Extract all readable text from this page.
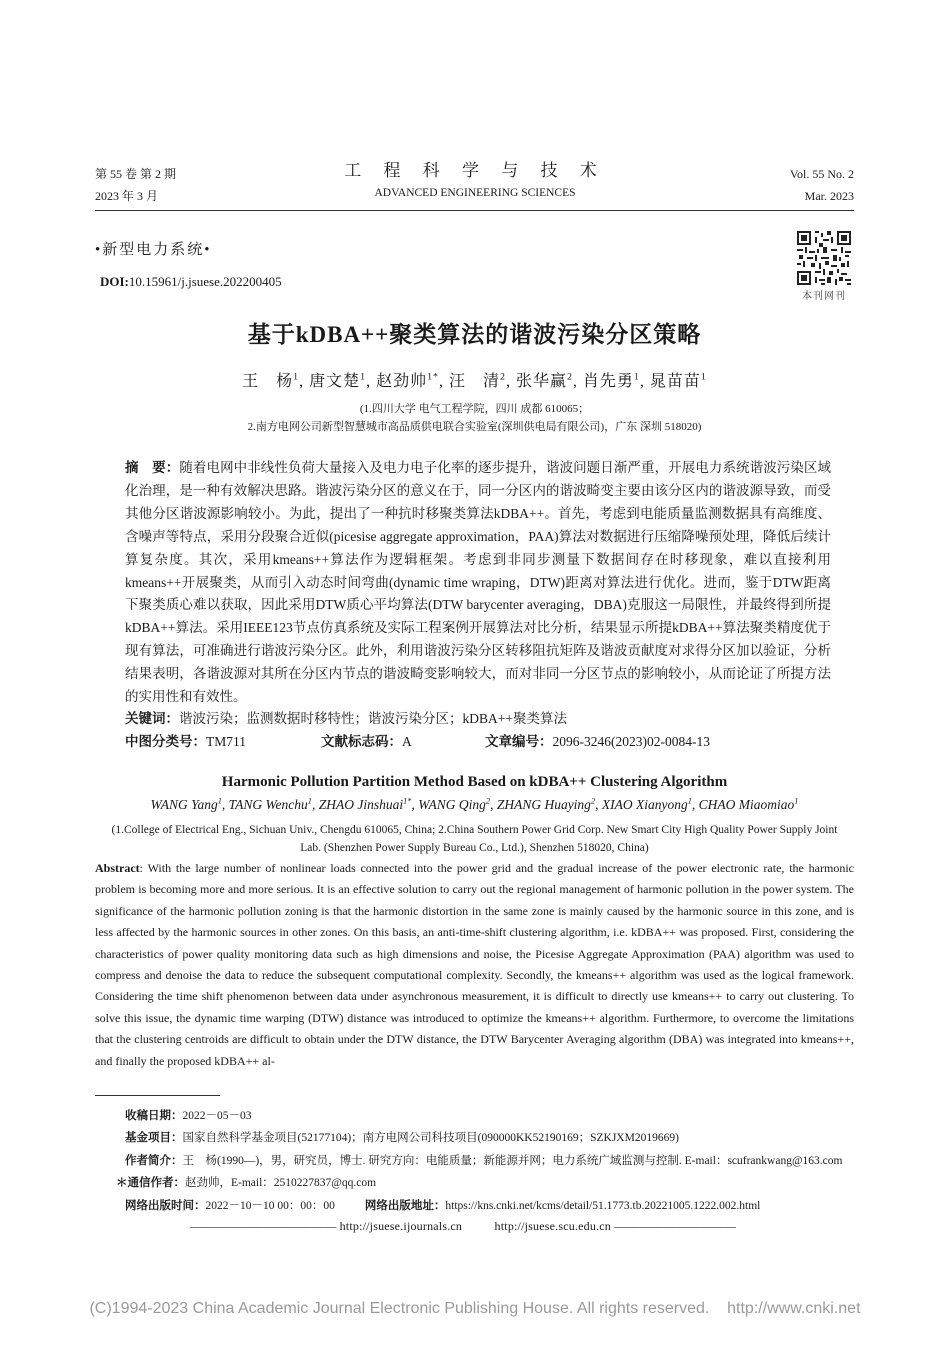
第 55 卷 第 2 期
2023 年 3 月
工 程 科 学 与 技 术
ADVANCED ENGINEERING SCIENCES
Vol. 55 No. 2
Mar. 2023
•新型电力系统•
DOI:10.15961/j.jsuese.202200405
本刊网刊
基于kDBA++聚类算法的谐波污染分区策略
王　杨$^1$, 唐文楚$^1$, 赵劲帅$^{1*}$, 汪　清$^2$, 张华赢$^2$, 肖先勇$^1$, 晁苗苗$^1$
(1.四川大学 电气工程学院，四川 成都 610065；
2.南方电网公司新型智慧城市高品质供电联合实验室(深圳供电局有限公司)，广东 深圳 518020)
摘　要：随着电网中非线性负荷大量接入及电力电子化率的逐步提升，谐波问题日渐严重，开展电力系统谐波污染区域化治理，是一种有效解决思路。谐波污染分区的意义在于，同一分区内的谐波畸变主要由该分区内的谐波源导致，而受其他分区谐波源影响较小。为此，提出了一种抗时移聚类算法kDBA++。首先，考虑到电能质量监测数据具有高维度、含噪声等特点，采用分段聚合近似(picesise aggregate approximation，PAA)算法对数据进行压缩降噪预处理，降低后续计算复杂度。其次，采用kmeans++算法作为逻辑框架。考虑到非同步测量下数据间存在时移现象，难以直接利用kmeans++开展聚类，从而引入动态时间弯曲(dynamic time wraping，DTW)距离对算法进行优化。进而，鉴于DTW距离下聚类质心难以获取，因此采用DTW质心平均算法(DTW barycenter averaging，DBA)克服这一局限性，并最终得到所提kDBA++算法。采用IEEE123节点仿真系统及实际工程案例开展算法对比分析，结果显示所提kDBA++算法聚类精度优于现有算法，可准确进行谐波污染分区。此外，利用谐波污染分区转移阻抗矩阵及谐波贡献度对求得分区加以验证，分析结果表明，各谐波源对其所在分区内节点的谐波畸变影响较大，而对非同一分区节点的影响较小，从而论证了所提方法的实用性和有效性。
关键词：谐波污染；监测数据时移特性；谐波污染分区；kDBA++聚类算法
中图分类号：TM711	文献标志码：A	文章编号：2096-3246(2023)02-0084-13
Harmonic Pollution Partition Method Based on kDBA++ Clustering Algorithm
WANG Yang$^1$, TANG Wenchu$^1$, ZHAO Jinshuai$^{1*}$, WANG Qing$^2$, ZHANG Huaying$^2$, XIAO Xianyong$^1$, CHAO Miaomiao$^1$
(1.College of Electrical Eng., Sichuan Univ., Chengdu 610065, China; 2.China Southern Power Grid Corp. New Smart City High Quality Power Supply Joint
Lab. (Shenzhen Power Supply Bureau Co., Ltd.), Shenzhen 518020, China)
Abstract: With the large number of nonlinear loads connected into the power grid and the gradual increase of the power electronic rate, the harmonic problem is becoming more and more serious. It is an effective solution to carry out the regional management of harmonic pollution in the power system. The significance of the harmonic pollution zoning is that the harmonic distortion in the same zone is mainly caused by the harmonic source in this zone, and is less affected by the harmonic sources in other zones. On this basis, an anti-time-shift clustering algorithm, i.e. kDBA++ was proposed. First, considering the characteristics of power quality monitoring data such as high dimensions and noise, the Picesise Aggregate Approximation (PAA) algorithm was used to compress and denoise the data to reduce the subsequent computational complexity. Secondly, the kmeans++ algorithm was used as the logical framework. Considering the time shift phenomenon between data under asynchronous measurement, it is difficult to directly use kmeans++ to carry out clustering. To solve this issue, the dynamic time warping (DTW) distance was introduced to optimize the kmeans++ algorithm. Furthermore, to overcome the limitations that the clustering centroids are difficult to obtain under the DTW distance, the DTW Barycenter Averaging algorithm (DBA) was integrated into kmeans++, and finally the proposed kDBA++ al-
收稿日期：2022－05－03
基金项目：国家自然科学基金项目(52177104)；南方电网公司科技项目(090000KK52190169；SZKJXM2019669)
作者简介：王　杨(1990—)，男，研究员，博士. 研究方向：电能质量；新能源并网；电力系统广域监测与控制. E-mail：scufrankwang@163.com
＊通信作者：赵劲帅，E-mail：2510227837@qq.com
网络出版时间：2022－10－10 00：00：00	网络出版地址：https://kns.cnki.net/kcms/detail/51.1773.tb.20221005.1222.002.html
———————————— http://jsuese.ijournals.cn	http://jsuese.scu.edu.cn ——————————
(C)1994-2023 China Academic Journal Electronic Publishing House. All rights reserved.    http://www.cnki.net
